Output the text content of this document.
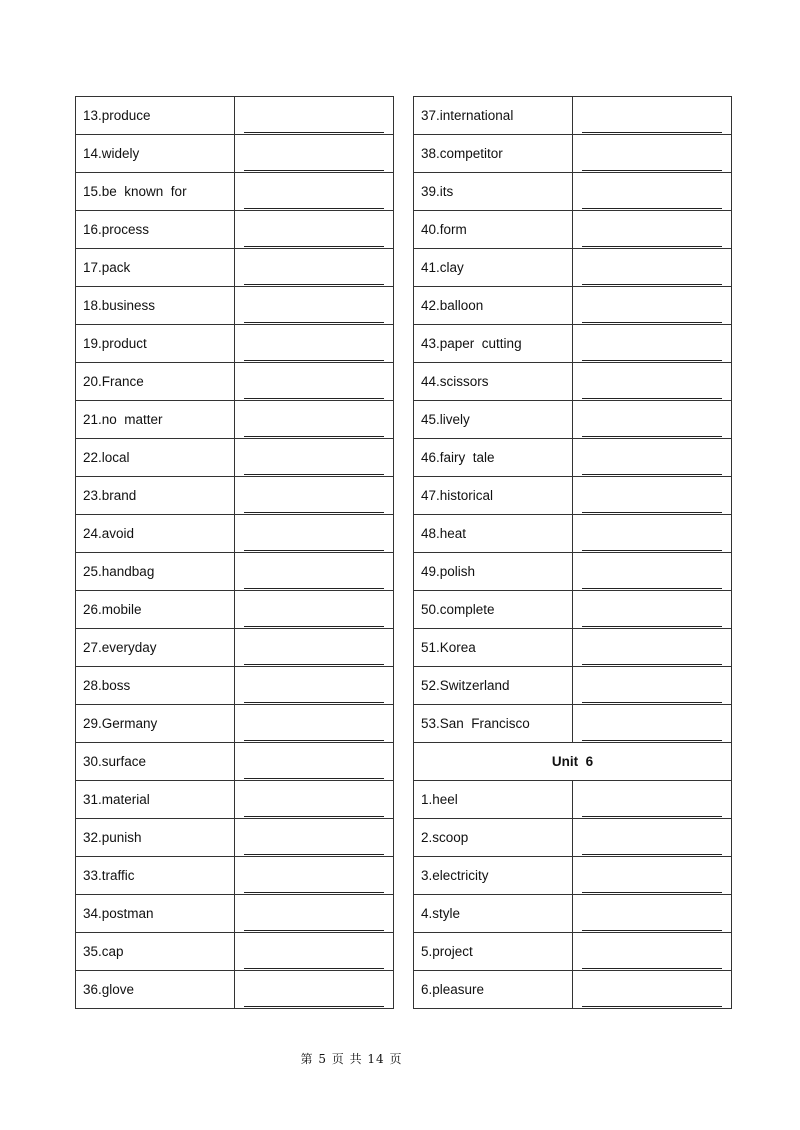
13.produce	

14.widely	

15.be  known  for	

16.process	

17.pack	

18.business	

19.product	

20.France	

21.no  matter	

22.local	

23.brand	

24.avoid	

25.handbag	

26.mobile	

27.everyday	

28.boss	

29.Germany	

30.surface	

31.material	

32.punish	

33.traffic	

34.postman	

35.cap	

36.glove	
37.international	

38.competitor	

39.its	

40.form	

41.clay	

42.balloon	

43.paper  cutting	

44.scissors	

45.lively	

46.fairy  tale	

47.historical	

48.heat	

49.polish	

50.complete	

51.Korea	

52.Switzerland	

53.San  Francisco	

Unit  6	
1.heel	

2.scoop	

3.electricity	

4.style	

5.project	

6.pleasure	
第 5 页 共 14 页
